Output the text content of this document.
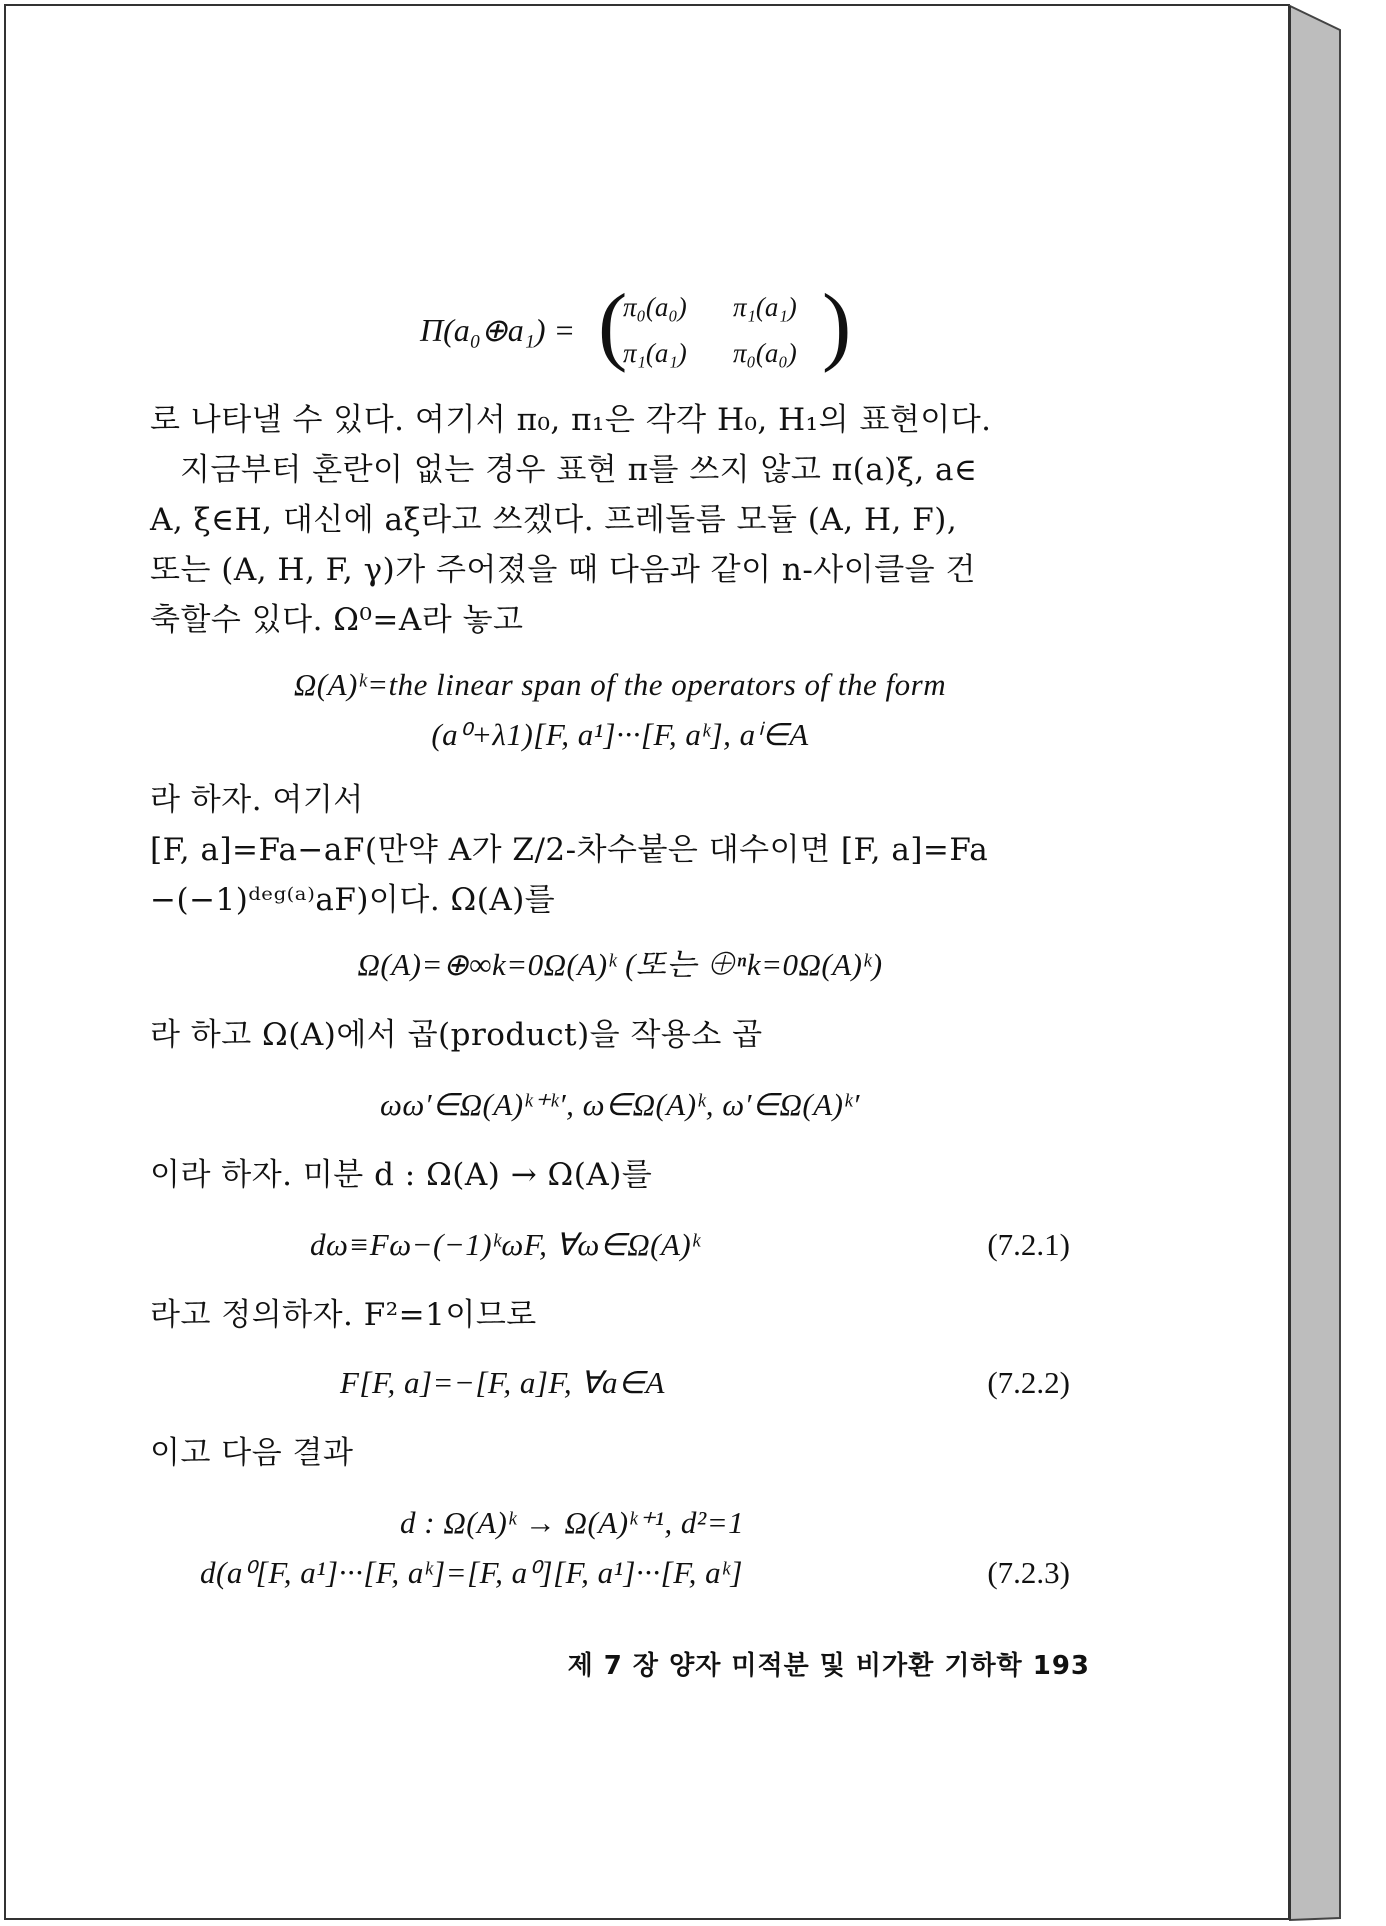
Π(a₀⊕a₁) = (
π₀(a₀) π₁(a₁)
π₁(a₁) π₀(a₀) )
로 나타낼 수 있다. 여기서 π₀, π₁은 각각 H₀, H₁의 표현이다.
지금부터 혼란이 없는 경우 표현 π를 쓰지 않고 π(a)ξ, a∈
A, ξ∈H, 대신에 aξ라고 쓰겠다. 프레돌름 모듈 (A, H, F),
또는 (A, H, F, γ)가 주어졌을 때 다음과 같이 n-사이클을 건
축할수 있다. Ω⁰=A라 놓고
Ω(A)ᵏ=the linear span of the operators of the form
(a⁰+λ1)[F, a¹]···[F, aᵏ], aⁱ∈A
라 하자. 여기서
[F, a]=Fa−aF(만약 A가 Z/2-차수붙은 대수이면 [F, a]=Fa
−(−1)ᵈᵉᵍ⁽ᵃ⁾aF)이다. Ω(A)를
Ω(A)=⊕∞k=0Ω(A)ᵏ (또는 ⊕ⁿk=0Ω(A)ᵏ)
라 하고 Ω(A)에서 곱(product)을 작용소 곱
ωω′∈Ω(A)ᵏ⁺ᵏ′, ω∈Ω(A)ᵏ, ω′∈Ω(A)ᵏ′
이라 하자. 미분 d : Ω(A) → Ω(A)를
dω≡Fω−(−1)ᵏωF, ∀ω∈Ω(A)ᵏ	(7.2.1)
라고 정의하자. F²=1이므로
F[F, a]=−[F, a]F, ∀a∈A	(7.2.2)
이고 다음 결과
d : Ω(A)ᵏ → Ω(A)ᵏ⁺¹, d²=1
d(a⁰[F, a¹]···[F, aᵏ]=[F, a⁰][F, a¹]···[F, aᵏ]	(7.2.3)
제 7 장 양자 미적분 및 비가환 기하학 193
